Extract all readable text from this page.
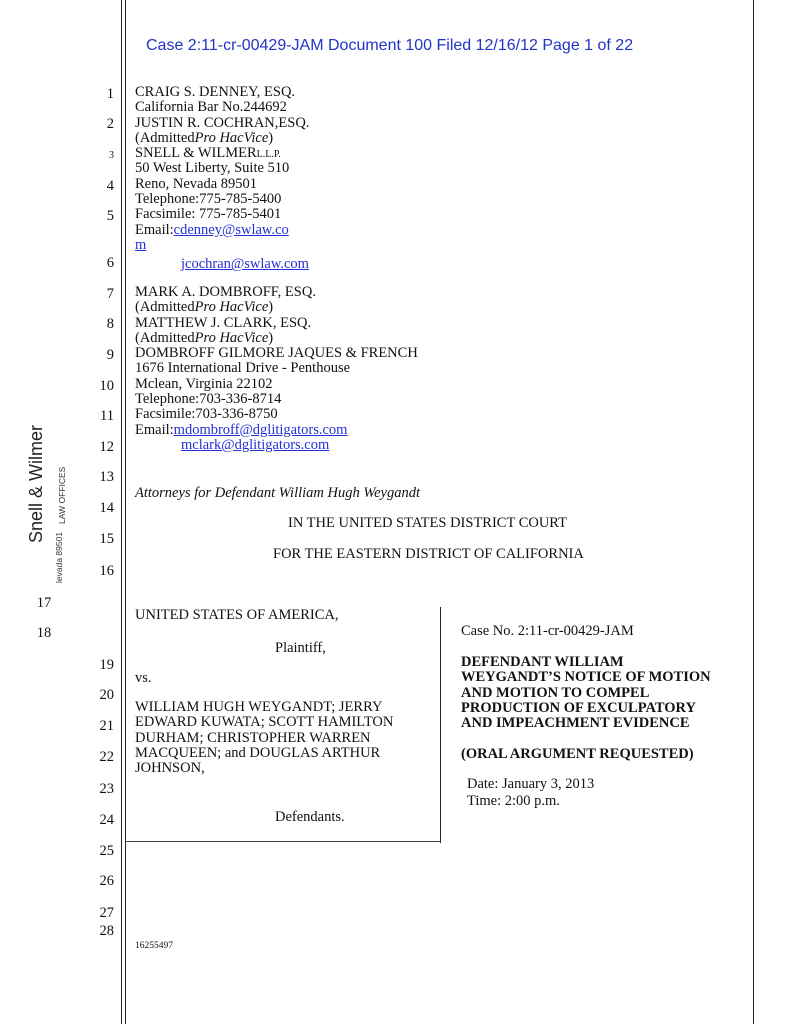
Case 2:11-cr-00429-JAM Document 100 Filed 12/16/12 Page 1 of 22
1
2
3
4
5
6
7
8
9
10
11
12
13
14
15
16
17
18
19
20
21
22
23
24
25
26
27
28
Snell & Wilmer LAW OFFICES
levada 89501
CRAIG S. DENNEY, ESQ.
California Bar No.244692
JUSTIN R. COCHRAN,ESQ.
(AdmittedPro HacVice)
SNELL & WILMERL.L.P.
50 West Liberty, Suite 510
Reno, Nevada 89501
Telephone:775-785-5400
Facsimile: 775-785-5401
Email:cdenney@swlaw.co
m
jcochran@swlaw.com
MARK A. DOMBROFF, ESQ.
(AdmittedPro HacVice)
MATTHEW J. CLARK, ESQ.
(AdmittedPro HacVice)
DOMBROFF GILMORE JAQUES & FRENCH
1676 International Drive - Penthouse
Mclean, Virginia 22102
Telephone:703-336-8714
Facsimile:703-336-8750
Email:mdombroff@dglitigators.com
mclark@dglitigators.com
Attorneys for Defendant William Hugh Weygandt
IN THE UNITED STATES DISTRICT COURT
FOR THE EASTERN DISTRICT OF CALIFORNIA
UNITED STATES OF AMERICA,
Plaintiff,
vs.
WILLIAM HUGH WEYGANDT; JERRY EDWARD KUWATA; SCOTT HAMILTON DURHAM; CHRISTOPHER WARREN MACQUEEN; and DOUGLAS ARTHUR JOHNSON,
Defendants.
Case No. 2:11-cr-00429-JAM
DEFENDANT WILLIAM
WEYGANDT’S NOTICE OF MOTION
AND MOTION TO COMPEL
PRODUCTION OF EXCULPATORY
AND IMPEACHMENT EVIDENCE
(ORAL ARGUMENT REQUESTED)
Date: January 3, 2013
Time: 2:00 p.m.
16255497
